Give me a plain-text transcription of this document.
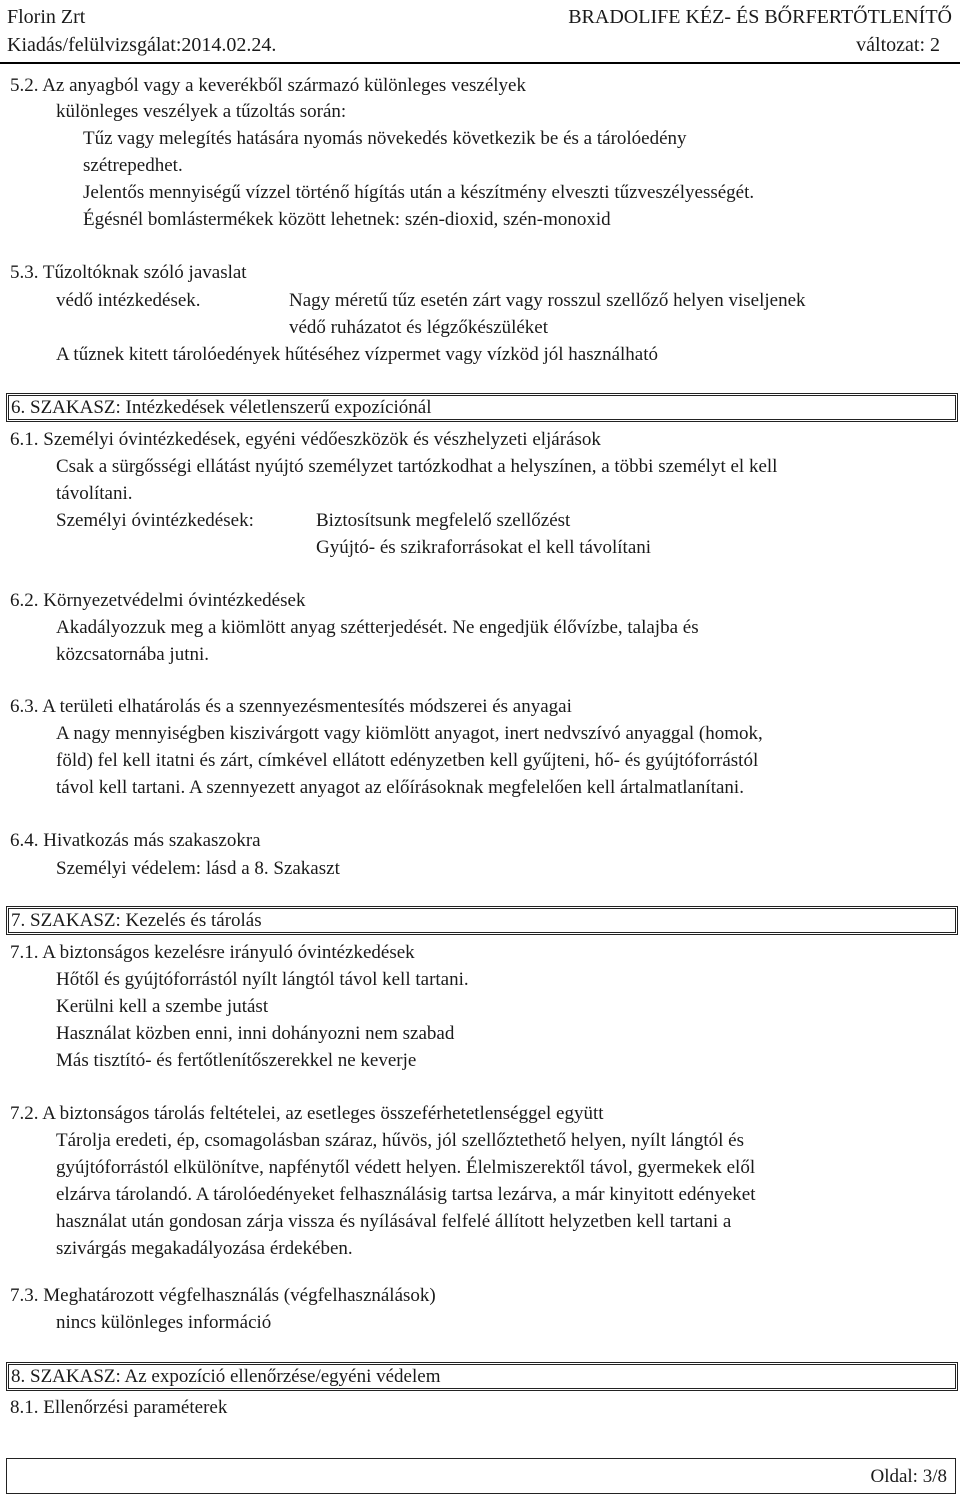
Florin Zrt	BRADOLIFE KÉZ- ÉS BŐRFERTŐTLENÍTŐ
Kiadás/felülvizsgálat:2014.02.24.	változat: 2
5.2. Az anyagból vagy a keverékből származó különleges veszélyek
különleges veszélyek a tűzoltás során:
Tűz vagy melegítés hatására nyomás növekedés következik be és a tárolóedény
szétrepedhet.
Jelentős mennyiségű vízzel történő hígítás után a készítmény elveszti tűzveszélyességét.
Égésnél bomlástermékek között lehetnek: szén-dioxid, szén-monoxid
5.3. Tűzoltóknak szóló javaslat
védő intézkedések.	Nagy méretű tűz esetén zárt vagy rosszul szellőző helyen viseljenek
védő ruházatot és légzőkészüléket
A tűznek kitett tárolóedények hűtéséhez vízpermet vagy vízköd jól használható
6. SZAKASZ: Intézkedések véletlenszerű expozíciónál
6.1. Személyi óvintézkedések, egyéni védőeszközök és vészhelyzeti eljárások
Csak a sürgősségi ellátást nyújtó személyzet tartózkodhat a helyszínen, a többi személyt el kell
távolítani.
Személyi óvintézkedések:	Biztosítsunk megfelelő szellőzést
Gyújtó- és szikraforrásokat el kell távolítani
6.2. Környezetvédelmi óvintézkedések
Akadályozzuk meg a kiömlött anyag szétterjedését. Ne engedjük élővízbe, talajba és
közcsatornába jutni.
6.3. A területi elhatárolás és a szennyezésmentesítés módszerei és anyagai
A nagy mennyiségben kiszivárgott vagy kiömlött anyagot, inert nedvszívó anyaggal (homok,
föld) fel kell itatni és zárt, címkével ellátott edényzetben kell gyűjteni, hő- és gyújtóforrástól
távol kell tartani. A szennyezett anyagot az előírásoknak megfelelően kell ártalmatlanítani.
6.4. Hivatkozás más szakaszokra
Személyi védelem: lásd a 8. Szakaszt
7. SZAKASZ: Kezelés és tárolás
7.1. A biztonságos kezelésre irányuló óvintézkedések
Hőtől és gyújtóforrástól nyílt lángtól távol kell tartani.
Kerülni kell a szembe jutást
Használat közben enni, inni dohányozni nem szabad
Más tisztító- és fertőtlenítőszerekkel ne keverje
7.2. A biztonságos tárolás feltételei, az esetleges összeférhetetlenséggel együtt
Tárolja eredeti, ép, csomagolásban száraz, hűvös, jól szellőztethető helyen, nyílt lángtól és
gyújtóforrástól elkülönítve, napfénytől védett helyen. Élelmiszerektől távol, gyermekek elől
elzárva tárolandó. A tárolóedényeket felhasználásig tartsa lezárva, a már kinyitott edényeket
használat után gondosan zárja vissza és nyílásával felfelé állított helyzetben kell tartani a
szivárgás megakadályozása érdekében.
7.3. Meghatározott végfelhasználás (végfelhasználások)
nincs különleges információ
8. SZAKASZ: Az expozíció ellenőrzése/egyéni védelem
8.1. Ellenőrzési paraméterek
Oldal: 3/8
